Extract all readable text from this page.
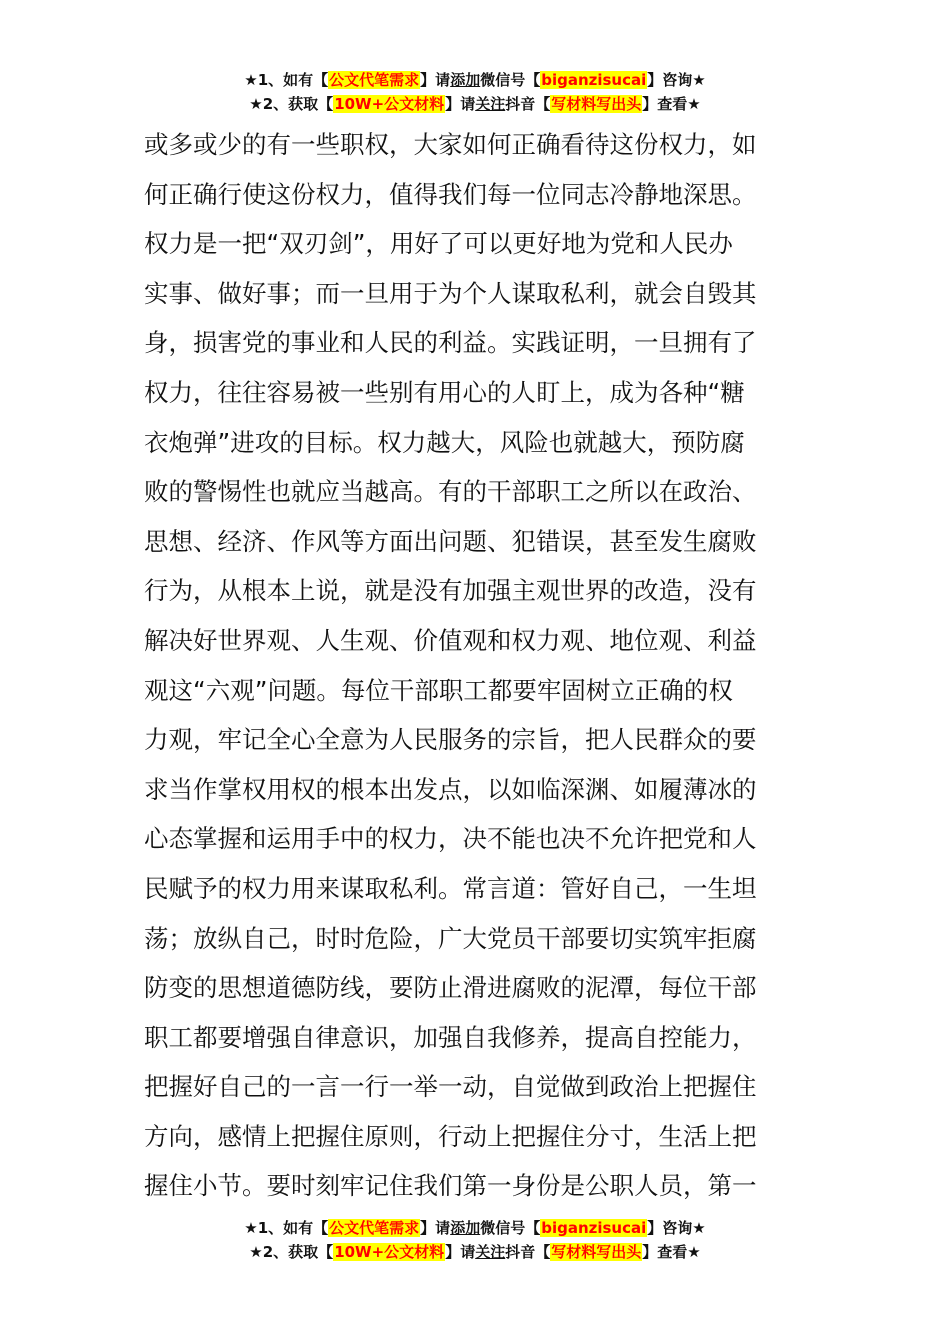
★1、如有【公文代笔需求】请添加微信号【biganzisucai】咨询★
★2、获取【10W+公文材料】请关注抖音【写材料写出头】查看★
或多或少的有一些职权，大家如何正确看待这份权力，如
何正确行使这份权力，值得我们每一位同志冷静地深思。
权力是一把“双刃剑”，用好了可以更好地为党和人民办
实事、做好事；而一旦用于为个人谋取私利，就会自毁其
身，损害党的事业和人民的利益。实践证明，一旦拥有了
权力，往往容易被一些别有用心的人盯上，成为各种“糖
衣炮弹”进攻的目标。权力越大，风险也就越大，预防腐
败的警惕性也就应当越高。有的干部职工之所以在政治、
思想、经济、作风等方面出问题、犯错误，甚至发生腐败
行为，从根本上说，就是没有加强主观世界的改造，没有
解决好世界观、人生观、价值观和权力观、地位观、利益
观这“六观”问题。每位干部职工都要牢固树立正确的权
力观，牢记全心全意为人民服务的宗旨，把人民群众的要
求当作掌权用权的根本出发点，以如临深渊、如履薄冰的
心态掌握和运用手中的权力，决不能也决不允许把党和人
民赋予的权力用来谋取私利。常言道：管好自己，一生坦
荡；放纵自己，时时危险，广大党员干部要切实筑牢拒腐
防变的思想道德防线，要防止滑进腐败的泥潭，每位干部
职工都要增强自律意识，加强自我修养，提高自控能力，
把握好自己的一言一行一举一动，自觉做到政治上把握住
方向，感情上把握住原则，行动上把握住分寸，生活上把
握住小节。要时刻牢记住我们第一身份是公职人员，第一
★1、如有【公文代笔需求】请添加微信号【biganzisucai】咨询★
★2、获取【10W+公文材料】请关注抖音【写材料写出头】查看★
